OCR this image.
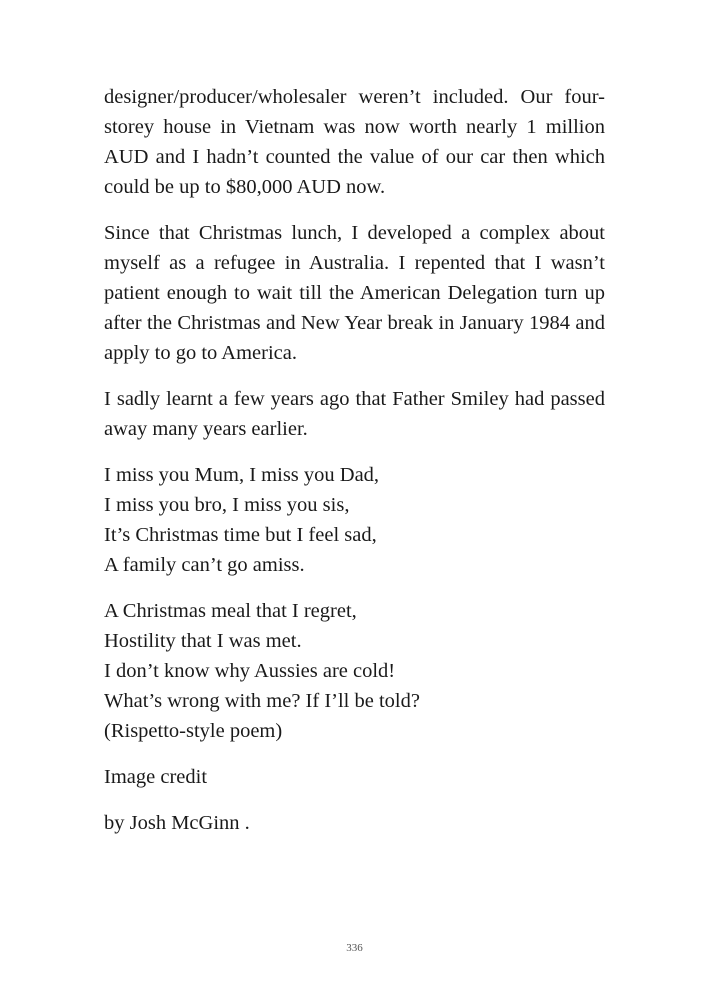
designer/producer/wholesaler weren’t included. Our four-storey house in Vietnam was now worth nearly 1 million AUD and I hadn’t counted the value of our car then which could be up to $80,000 AUD now.

Since that Christmas lunch, I developed a complex about myself as a refugee in Australia. I repented that I wasn’t patient enough to wait till the American Delegation turn up after the Christmas and New Year break in January 1984 and apply to go to America.

I sadly learnt a few years ago that Father Smiley had passed away many years earlier.

I miss you Mum, I miss you Dad,
I miss you bro, I miss you sis,
It’s Christmas time but I feel sad,
A family can’t go amiss.
A Christmas meal that I regret,
Hostility that I was met.
I don’t know why Aussies are cold!
What’s wrong with me? If I’ll be told?
(Rispetto-style poem)

Image credit

by Josh McGinn .

336
